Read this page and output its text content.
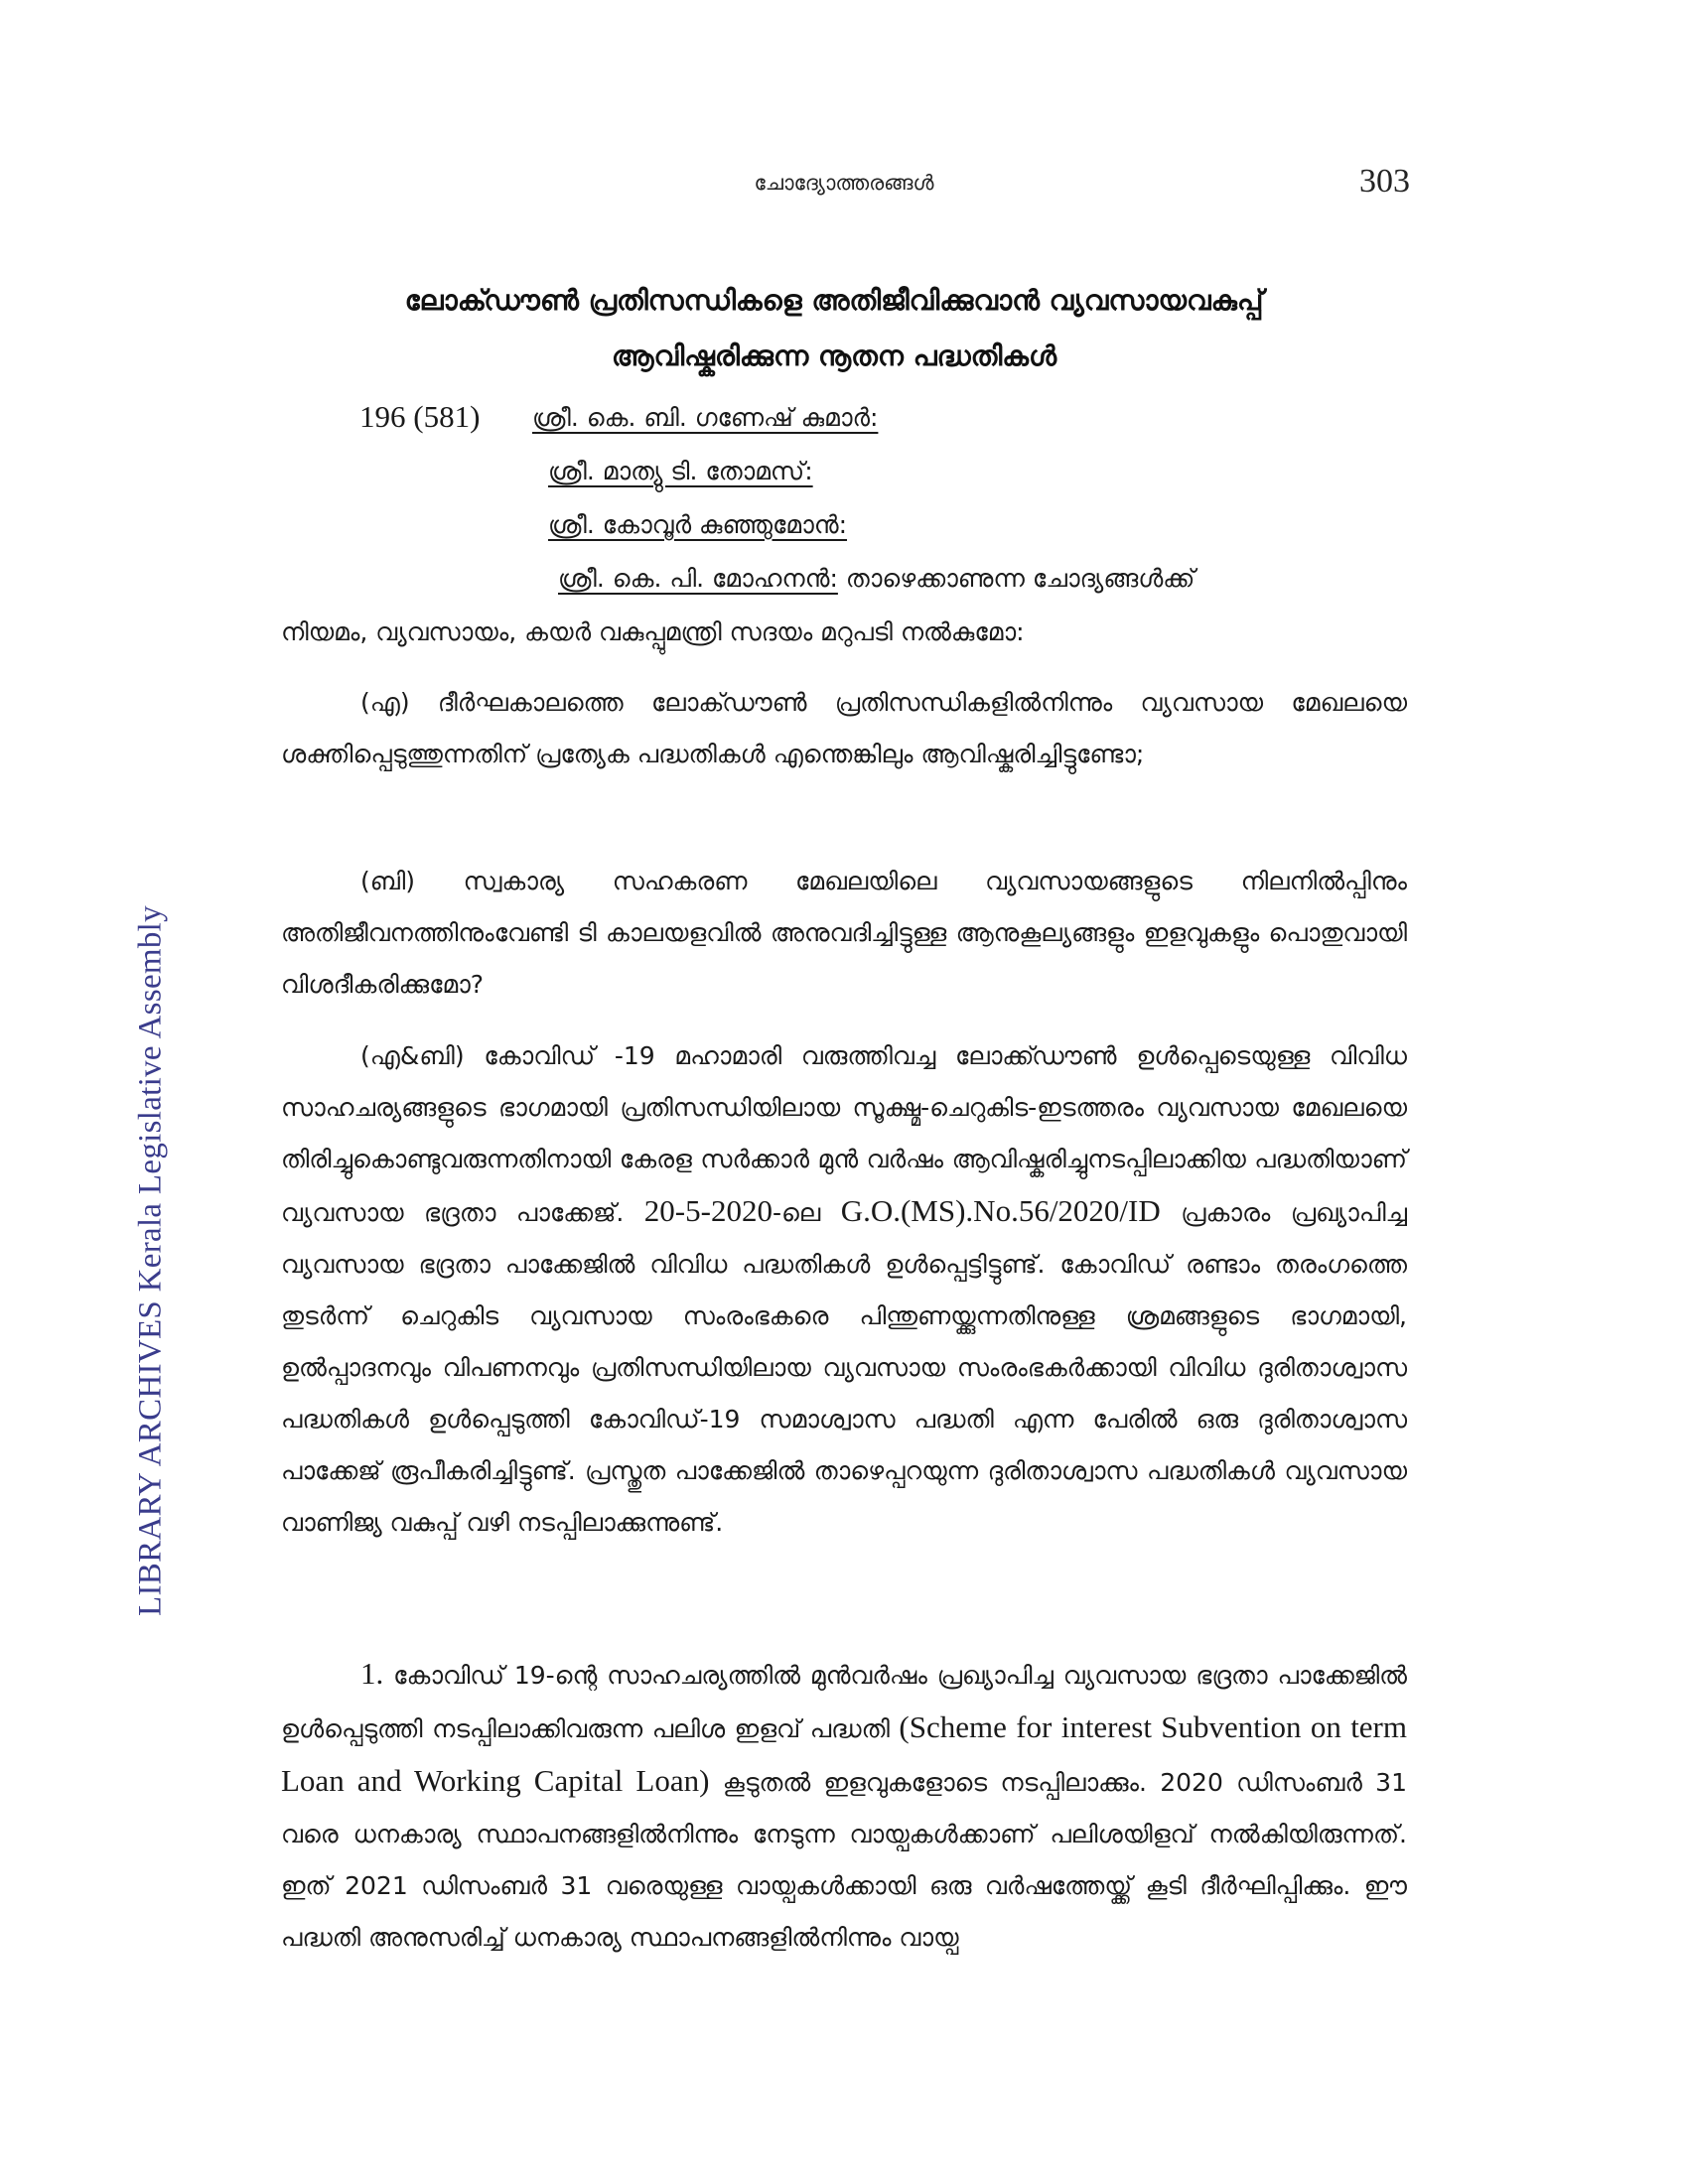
LIBRARY ARCHIVES Kerala Legislative Assembly
ചോദ്യോത്തരങ്ങൾ	303
ലോക്ഡൗൺ പ്രതിസന്ധികളെ അതിജീവിക്കുവാൻ വ്യവസായവകുപ്പ്
ആവിഷ്കരിക്കുന്ന നൂതന പദ്ധതികൾ
196 (581) ശ്രീ. കെ. ബി. ഗണേഷ് കുമാർ:
ശ്രീ. മാത്യു ടി. തോമസ്:
ശ്രീ. കോവൂർ കുഞ്ഞുമോൻ:
ശ്രീ. കെ. പി. മോഹനൻ: താഴെക്കാണുന്ന ചോദ്യങ്ങൾക്ക്
നിയമം, വ്യവസായം, കയർ വകുപ്പുമന്ത്രി സദയം മറുപടി നൽകുമോ:

(എ) ദീർഘകാലത്തെ ലോക്ഡൗൺ പ്രതിസന്ധികളിൽനിന്നും വ്യവസായ മേഖലയെ ശക്തിപ്പെടുത്തുന്നതിന് പ്രത്യേക പദ്ധതികൾ എന്തെങ്കിലും ആവിഷ്കരിച്ചിട്ടുണ്ടോ;

(ബി) സ്വകാര്യ സഹകരണ മേഖലയിലെ വ്യവസായങ്ങളുടെ നിലനിൽപ്പിനും അതിജീവനത്തിനുംവേണ്ടി ടി കാലയളവിൽ അനുവദിച്ചിട്ടുള്ള ആനുകൂല്യങ്ങളും ഇളവുകളും പൊതുവായി വിശദീകരിക്കുമോ?

(എ&ബി) കോവിഡ് -19 മഹാമാരി വരുത്തിവച്ച ലോക്ക്ഡൗൺ ഉൾപ്പെടെയുള്ള വിവിധ സാഹചര്യങ്ങളുടെ ഭാഗമായി പ്രതിസന്ധിയിലായ സൂക്ഷ്മ-ചെറുകിട-ഇടത്തരം വ്യവസായ മേഖലയെ തിരിച്ചുകൊണ്ടുവരുന്നതിനായി കേരള സർക്കാർ മുൻ വർഷം ആവിഷ്കരിച്ചുനടപ്പിലാക്കിയ പദ്ധതിയാണ് വ്യവസായ ഭദ്രതാ പാക്കേജ്. 20-5-2020-ലെ G.O.(MS).No.56/2020/ID പ്രകാരം പ്രഖ്യാപിച്ച വ്യവസായ ഭദ്രതാ പാക്കേജിൽ വിവിധ പദ്ധതികൾ ഉൾപ്പെട്ടിട്ടുണ്ട്. കോവിഡ് രണ്ടാം തരംഗത്തെ തുടർന്ന് ചെറുകിട വ്യവസായ സംരംഭകരെ പിന്തുണയ്ക്കുന്നതിനുള്ള ശ്രമങ്ങളുടെ ഭാഗമായി, ഉൽപ്പാദനവും വിപണനവും പ്രതിസന്ധിയിലായ വ്യവസായ സംരംഭകർക്കായി വിവിധ ദുരിതാശ്വാസ പദ്ധതികൾ ഉൾപ്പെടുത്തി കോവിഡ്-19 സമാശ്വാസ പദ്ധതി എന്ന പേരിൽ ഒരു ദുരിതാശ്വാസ പാക്കേജ് രൂപീകരിച്ചിട്ടുണ്ട്. പ്രസ്തുത പാക്കേജിൽ താഴെപ്പറയുന്ന ദുരിതാശ്വാസ പദ്ധതികൾ വ്യവസായ വാണിജ്യ വകുപ്പ് വഴി നടപ്പിലാക്കുന്നുണ്ട്.

1. കോവിഡ് 19-ന്റെ സാഹചര്യത്തിൽ മുൻവർഷം പ്രഖ്യാപിച്ച വ്യവസായ ഭദ്രതാ പാക്കേജിൽ ഉൾപ്പെടുത്തി നടപ്പിലാക്കിവരുന്ന പലിശ ഇളവ് പദ്ധതി (Scheme for interest Subvention on term Loan and Working Capital Loan) കൂടുതൽ ഇളവുകളോടെ നടപ്പിലാക്കും. 2020 ഡിസംബർ 31 വരെ ധനകാര്യ സ്ഥാപനങ്ങളിൽനിന്നും നേടുന്ന വായ്പകൾക്കാണ് പലിശയിളവ് നൽകിയിരുന്നത്. ഇത് 2021 ഡിസംബർ 31 വരെയുള്ള വായ്പകൾക്കായി ഒരു വർഷത്തേയ്ക്ക് കൂടി ദീർഘിപ്പിക്കും. ഈ പദ്ധതി അനുസരിച്ച് ധനകാര്യ സ്ഥാപനങ്ങളിൽനിന്നും വായ്പ
